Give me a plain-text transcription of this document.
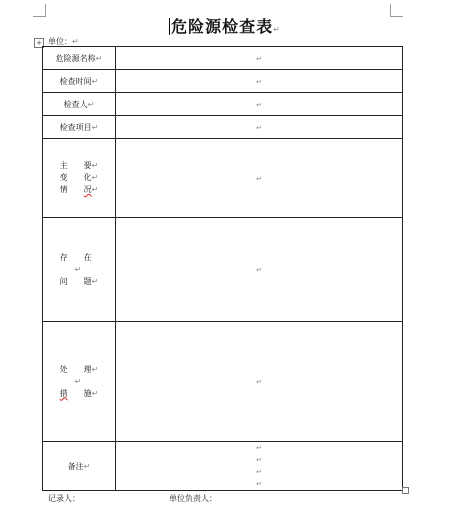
危险源检查表↵
+ 单位：↵
危险源名称↵	↵
检查时间↵	↵
检查人↵	↵
检查项目↵	↵

主 要↵
变 化↵
情 况↵	↵

存 在
↵
问 题↵	↵

处 理↵
↵
措 施↵	↵
备注↵	↵
↵
↵
↵
记录人：	单位负责人：
